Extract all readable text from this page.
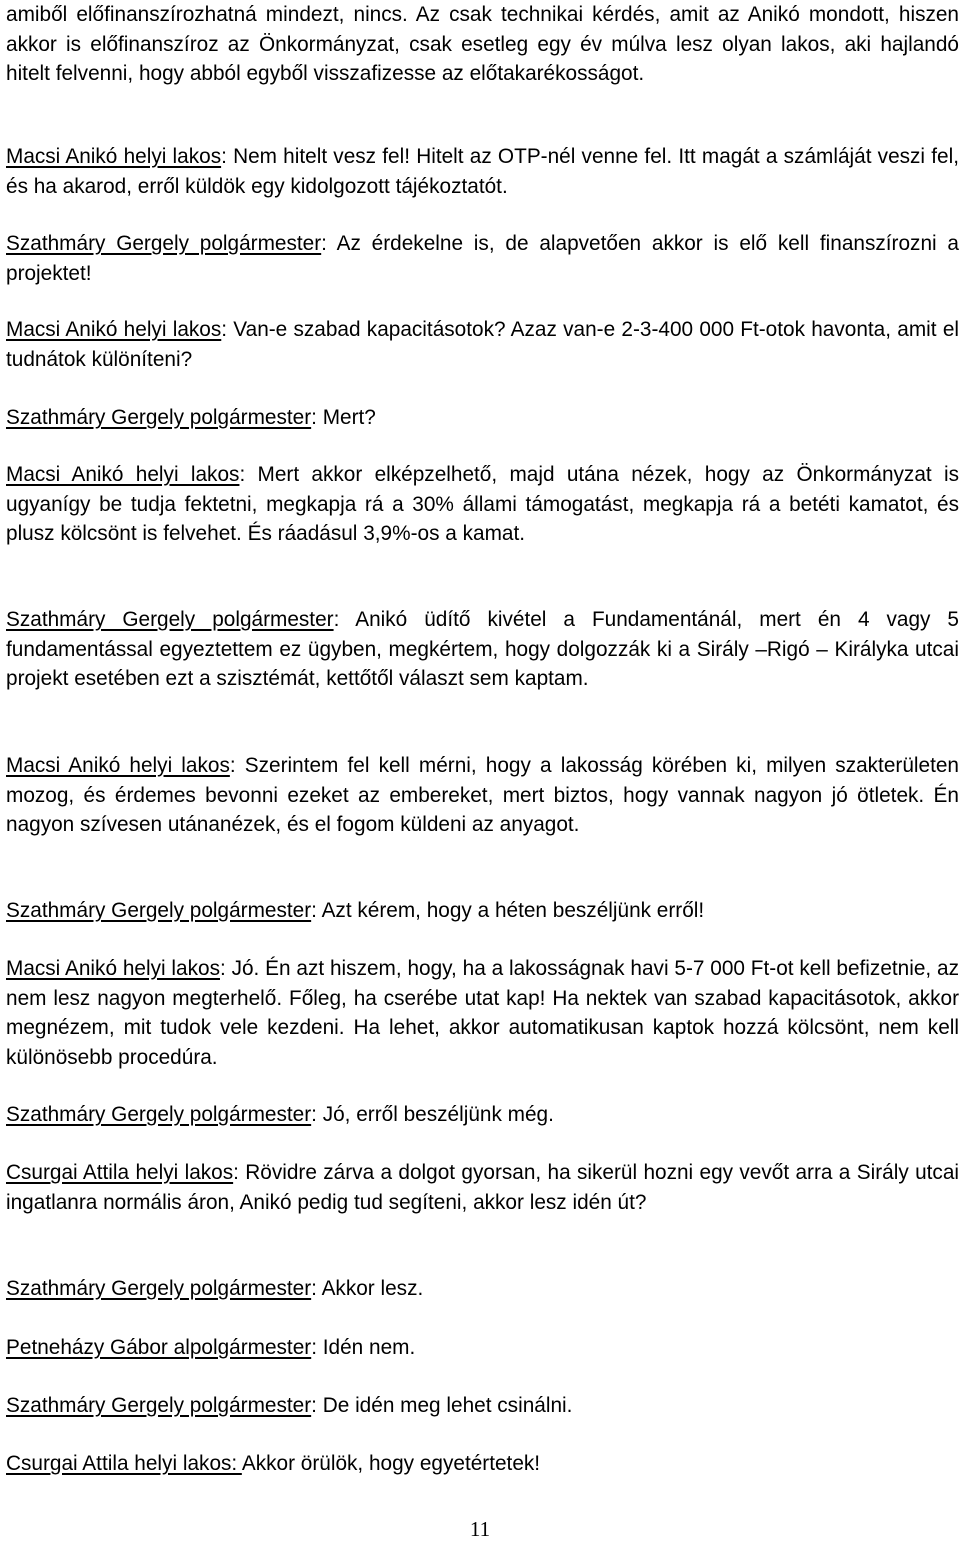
amiből előfinanszírozhatná mindezt, nincs. Az csak technikai kérdés, amit az Anikó mondott, hiszen akkor is előfinanszíroz az Önkormányzat, csak esetleg egy év múlva lesz olyan lakos, aki hajlandó hitelt felvenni, hogy abból egyből visszafizesse az előtakarékosságot.

Macsi Anikó helyi lakos: Nem hitelt vesz fel! Hitelt az OTP-nél venne fel. Itt magát a számláját veszi fel, és ha akarod, erről küldök egy kidolgozott tájékoztatót.

Szathmáry Gergely polgármester: Az érdekelne is, de alapvetően akkor is elő kell finanszírozni a projektet!

Macsi Anikó helyi lakos: Van-e szabad kapacitásotok? Azaz van-e 2-3-400 000 Ft-otok havonta, amit el tudnátok különíteni?

Szathmáry Gergely polgármester: Mert?

Macsi Anikó helyi lakos: Mert akkor elképzelhető, majd utána nézek, hogy az Önkormányzat is ugyanígy be tudja fektetni, megkapja rá a 30% állami támogatást, megkapja rá a betéti kamatot, és plusz kölcsönt is felvehet. És ráadásul 3,9%-os a kamat.

Szathmáry Gergely polgármester: Anikó üdítő kivétel a Fundamentánál, mert én 4 vagy 5 fundamentással egyeztettem ez ügyben, megkértem, hogy dolgozzák ki a Sirály –Rigó – Királyka utcai projekt esetében ezt a szisztémát, kettőtől választ sem kaptam.

Macsi Anikó helyi lakos: Szerintem fel kell mérni, hogy a lakosság körében ki, milyen szakterületen mozog, és érdemes bevonni ezeket az embereket, mert biztos, hogy vannak nagyon jó ötletek. Én nagyon szívesen utánanézek, és el fogom küldeni az anyagot.

Szathmáry Gergely polgármester: Azt kérem, hogy a héten beszéljünk erről!

Macsi Anikó helyi lakos: Jó. Én azt hiszem, hogy, ha a lakosságnak havi 5-7 000 Ft-ot kell befizetnie, az nem lesz nagyon megterhelő. Főleg, ha cserébe utat kap! Ha nektek van szabad kapacitásotok, akkor megnézem, mit tudok vele kezdeni. Ha lehet, akkor automatikusan kaptok hozzá kölcsönt, nem kell különösebb procedúra.

Szathmáry Gergely polgármester: Jó, erről beszéljünk még.

Csurgai Attila helyi lakos: Rövidre zárva a dolgot gyorsan, ha sikerül hozni egy vevőt arra a Sirály utcai ingatlanra normális áron, Anikó pedig tud segíteni, akkor lesz idén út?

Szathmáry Gergely polgármester: Akkor lesz.

Petneházy Gábor alpolgármester: Idén nem.

Szathmáry Gergely polgármester: De idén meg lehet csinálni.

Csurgai Attila helyi lakos: Akkor örülök, hogy egyetértetek!

11
